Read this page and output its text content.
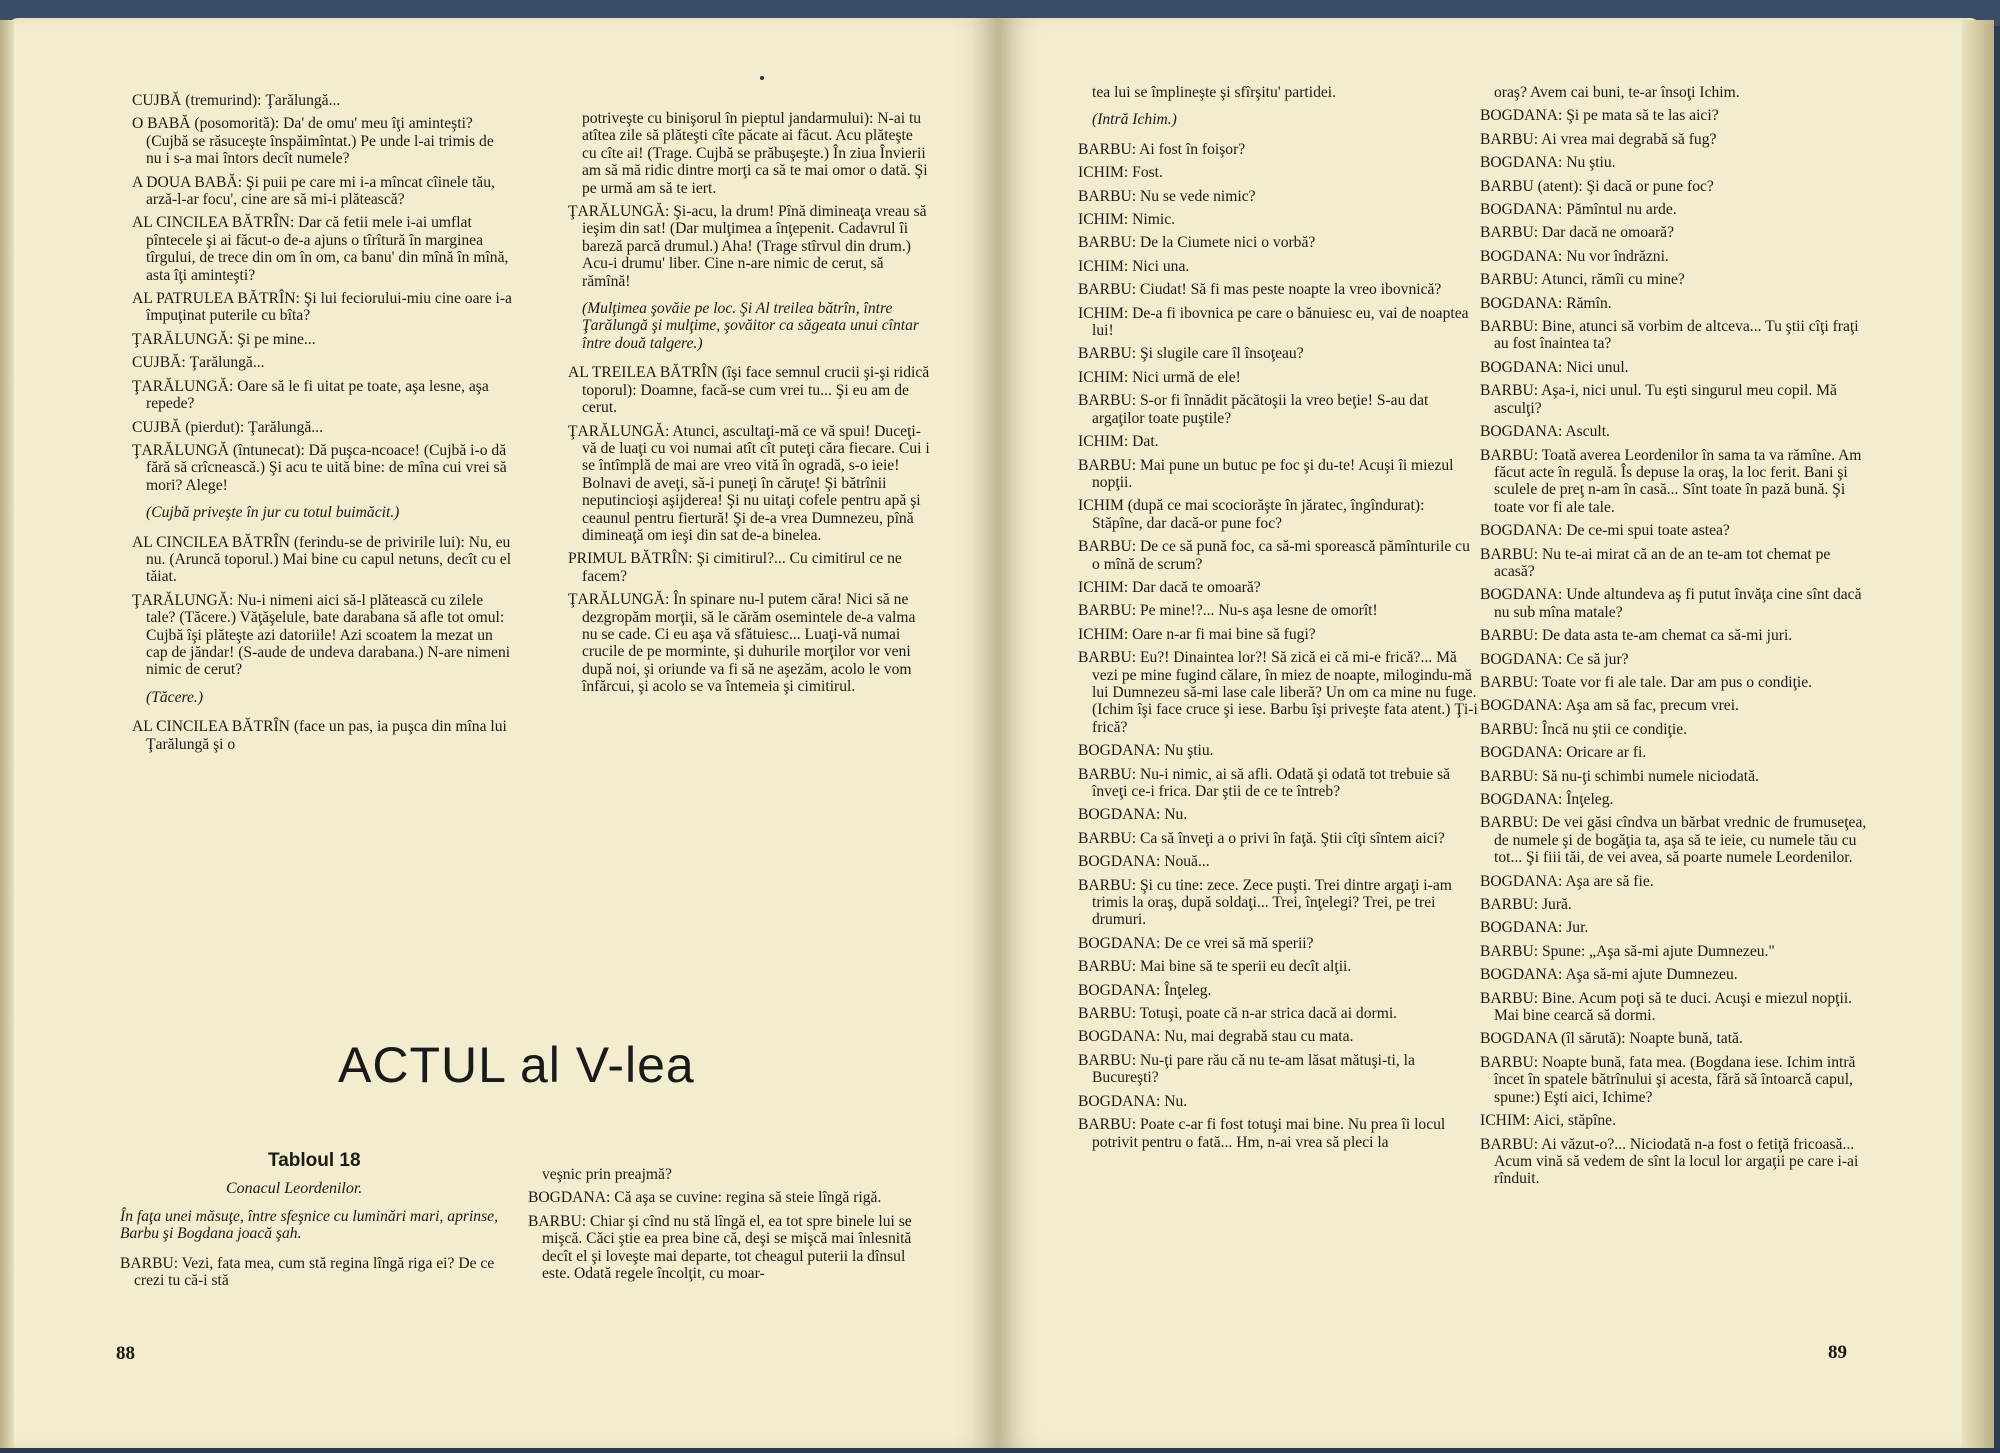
CUJBĂ (tremurind): Ţarălungă...

O BABĂ (posomorită): Da' de omu' meu îţi aminteşti? (Cujbă se răsuceşte înspăimîntat.) Pe unde l-ai trimis de nu i s-a mai întors decît numele?

A DOUA BABĂ: Şi puii pe care mi i-a mîncat cîinele tău, arză-l-ar focu', cine are să mi-i plătească?

AL CINCILEA BĂTRÎN: Dar că fetii mele i-ai umflat pîntecele şi ai făcut-o de-a ajuns o tîrîtură în marginea tîrgului, de trece din om în om, ca banu' din mînă în mînă, asta îţi aminteşti?

AL PATRULEA BĂTRÎN: Şi lui feciorului-miu cine oare i-a împuţinat puterile cu bîta?

ŢARĂLUNGĂ: Şi pe mine...

CUJBĂ: Ţarălungă...

ŢARĂLUNGĂ: Oare să le fi uitat pe toate, aşa lesne, aşa repede?

CUJBĂ (pierdut): Ţarălungă...

ŢARĂLUNGĂ (întunecat): Dă puşca-ncoace! (Cujbă i-o dă fără să crîcnească.) Şi acu te uită bine: de mîna cui vrei să mori? Alege!

(Cujbă priveşte în jur cu totul buimăcit.)

AL CINCILEA BĂTRÎN (ferindu-se de privirile lui): Nu, eu nu. (Aruncă toporul.) Mai bine cu capul netuns, decît cu el tăiat.

ŢARĂLUNGĂ: Nu-i nimeni aici să-l plătească cu zilele tale? (Tăcere.) Văţăşelule, bate darabana să afle tot omul: Cujbă îşi plăteşte azi datoriile! Azi scoatem la mezat un cap de jăndar! (S-aude de undeva darabana.) N-are nimeni nimic de cerut?

(Tăcere.)

AL CINCILEA BĂTRÎN (face un pas, ia puşca din mîna lui Ţarălungă şi o

potriveşte cu binişorul în pieptul jandarmului): N-ai tu atîtea zile să plăteşti cîte păcate ai făcut. Acu plăteşte cu cîte ai! (Trage. Cujbă se prăbuşeşte.) În ziua Învierii am să mă ridic dintre morţi ca să te mai omor o dată. Şi pe urmă am să te iert.

ŢARĂLUNGĂ: Şi-acu, la drum! Pînă dimineaţa vreau să ieşim din sat! (Dar mulţimea a înţepenit. Cadavrul îi bareză parcă drumul.) Aha! (Trage stîrvul din drum.) Acu-i drumu' liber. Cine n-are nimic de cerut, să rămînă!

(Mulţimea şovăie pe loc. Şi Al treilea bătrîn, între Ţarălungă şi mulţime, şovăitor ca săgeata unui cîntar între două talgere.)

AL TREILEA BĂTRÎN (îşi face semnul crucii şi-şi ridică toporul): Doamne, facă-se cum vrei tu... Şi eu am de cerut.

ŢARĂLUNGĂ: Atunci, ascultaţi-mă ce vă spui! Duceţi-vă de luaţi cu voi numai atît cît puteţi căra fiecare. Cui i se întîmplă de mai are vreo vită în ogradă, s-o ieie! Bolnavi de aveţi, să-i puneţi în căruţe! Şi bătrînii neputincioşi aşijderea! Şi nu uitaţi cofele pentru apă şi ceaunul pentru fiertură! Şi de-a vrea Dumnezeu, pînă dimineaţă om ieşi din sat de-a binelea.

PRIMUL BĂTRÎN: Şi cimitirul?... Cu cimitirul ce ne facem?

ŢARĂLUNGĂ: În spinare nu-l putem căra! Nici să ne dezgropăm morţii, să le cărăm osemintele de-a valma nu se cade. Ci eu aşa vă sfătuiesc... Luaţi-vă numai crucile de pe morminte, şi duhurile morţilor vor veni după noi, şi oriunde va fi să ne aşezăm, acolo le vom înfărcui, şi acolo se va întemeia şi cimitirul.

ACTUL al V-lea
Tabloul 18
Conacul Leordenilor.

În faţa unei măsuţe, între sfeşnice cu luminări mari, aprinse, Barbu şi Bogdana joacă şah.

BARBU: Vezi, fata mea, cum stă regina lîngă riga ei? De ce crezi tu că-i stă

veşnic prin preajmă?

BOGDANA: Că aşa se cuvine: regina să steie lîngă rigă.

BARBU: Chiar şi cînd nu stă lîngă el, ea tot spre binele lui se mişcă. Căci ştie ea prea bine că, deşi se mişcă mai înlesnită decît el şi loveşte mai departe, tot cheagul puterii la dînsul este. Odată regele încolţit, cu moar-

88

tea lui se împlineşte şi sfîrşitu' partidei.

(Intră Ichim.)

BARBU: Ai fost în foişor?

ICHIM: Fost.

BARBU: Nu se vede nimic?

ICHIM: Nimic.

BARBU: De la Ciumete nici o vorbă?

ICHIM: Nici una.

BARBU: Ciudat! Să fi mas peste noapte la vreo ibovnică?

ICHIM: De-a fi ibovnica pe care o bănuiesc eu, vai de noaptea lui!

BARBU: Şi slugile care îl însoţeau?

ICHIM: Nici urmă de ele!

BARBU: S-or fi înnădit păcătoşii la vreo beţie! S-au dat argaţilor toate puştile?

ICHIM: Dat.

BARBU: Mai pune un butuc pe foc şi du-te! Acuşi îi miezul nopţii.

ICHIM (după ce mai scociorăşte în jăratec, îngîndurat): Stăpîne, dar dacă-or pune foc?

BARBU: De ce să pună foc, ca să-mi sporească pămînturile cu o mînă de scrum?

ICHIM: Dar dacă te omoară?

BARBU: Pe mine!?... Nu-s aşa lesne de omorît!

ICHIM: Oare n-ar fi mai bine să fugi?

BARBU: Eu?! Dinaintea lor?! Să zică ei că mi-e frică?... Mă vezi pe mine fugind călare, în miez de noapte, milogindu-mă lui Dumnezeu să-mi lase cale liberă? Un om ca mine nu fuge. (Ichim îşi face cruce şi iese. Barbu îşi priveşte fata atent.) Ţi-i frică?

BOGDANA: Nu ştiu.

BARBU: Nu-i nimic, ai să afli. Odată şi odată tot trebuie să înveţi ce-i frica. Dar ştii de ce te întreb?

BOGDANA: Nu.

BARBU: Ca să înveţi a o privi în faţă. Ştii cîţi sîntem aici?

BOGDANA: Nouă...

BARBU: Şi cu tine: zece. Zece puşti. Trei dintre argaţi i-am trimis la oraş, după soldaţi... Trei, înţelegi? Trei, pe trei drumuri.

BOGDANA: De ce vrei să mă sperii?

BARBU: Mai bine să te sperii eu decît alţii.

BOGDANA: Înţeleg.

BARBU: Totuşi, poate că n-ar strica dacă ai dormi.

BOGDANA: Nu, mai degrabă stau cu mata.

BARBU: Nu-ţi pare rău că nu te-am lăsat mătuşi-ti, la Bucureşti?

BOGDANA: Nu.

BARBU: Poate c-ar fi fost totuşi mai bine. Nu prea îi locul potrivit pentru o fată... Hm, n-ai vrea să pleci la

oraş? Avem cai buni, te-ar însoţi Ichim.

BOGDANA: Şi pe mata să te las aici?

BARBU: Ai vrea mai degrabă să fug?

BOGDANA: Nu ştiu.

BARBU (atent): Şi dacă or pune foc?

BOGDANA: Pămîntul nu arde.

BARBU: Dar dacă ne omoară?

BOGDANA: Nu vor îndrăzni.

BARBU: Atunci, rămîi cu mine?

BOGDANA: Rămîn.

BARBU: Bine, atunci să vorbim de altceva... Tu ştii cîţi fraţi au fost înaintea ta?

BOGDANA: Nici unul.

BARBU: Aşa-i, nici unul. Tu eşti singurul meu copil. Mă asculţi?

BOGDANA: Ascult.

BARBU: Toată averea Leordenilor în sama ta va rămîne. Am făcut acte în regulă. Îs depuse la oraş, la loc ferit. Bani şi sculele de preţ n-am în casă... Sînt toate în pază bună. Şi toate vor fi ale tale.

BOGDANA: De ce-mi spui toate astea?

BARBU: Nu te-ai mirat că an de an te-am tot chemat pe acasă?

BOGDANA: Unde altundeva aş fi putut învăţa cine sînt dacă nu sub mîna matale?

BARBU: De data asta te-am chemat ca să-mi juri.

BOGDANA: Ce să jur?

BARBU: Toate vor fi ale tale. Dar am pus o condiţie.

BOGDANA: Aşa am să fac, precum vrei.

BARBU: Încă nu ştii ce condiţie.

BOGDANA: Oricare ar fi.

BARBU: Să nu-ţi schimbi numele niciodată.

BOGDANA: Înţeleg.

BARBU: De vei găsi cîndva un bărbat vrednic de frumuseţea, de numele şi de bogăţia ta, aşa să te ieie, cu numele tău cu tot... Şi fiii tăi, de vei avea, să poarte numele Leordenilor.

BOGDANA: Aşa are să fie.

BARBU: Jură.

BOGDANA: Jur.

BARBU: Spune: „Aşa să-mi ajute Dumnezeu."

BOGDANA: Aşa să-mi ajute Dumnezeu.

BARBU: Bine. Acum poţi să te duci. Acuşi e miezul nopţii. Mai bine cearcă să dormi.

BOGDANA (îl sărută): Noapte bună, tată.

BARBU: Noapte bună, fata mea. (Bogdana iese. Ichim intră încet în spatele bătrînului şi acesta, fără să întoarcă capul, spune:) Eşti aici, Ichime?

ICHIM: Aici, stăpîne.

BARBU: Ai văzut-o?... Niciodată n-a fost o fetiţă fricoasă... Acum vină să vedem de sînt la locul lor argaţii pe care i-ai rînduit.

89
